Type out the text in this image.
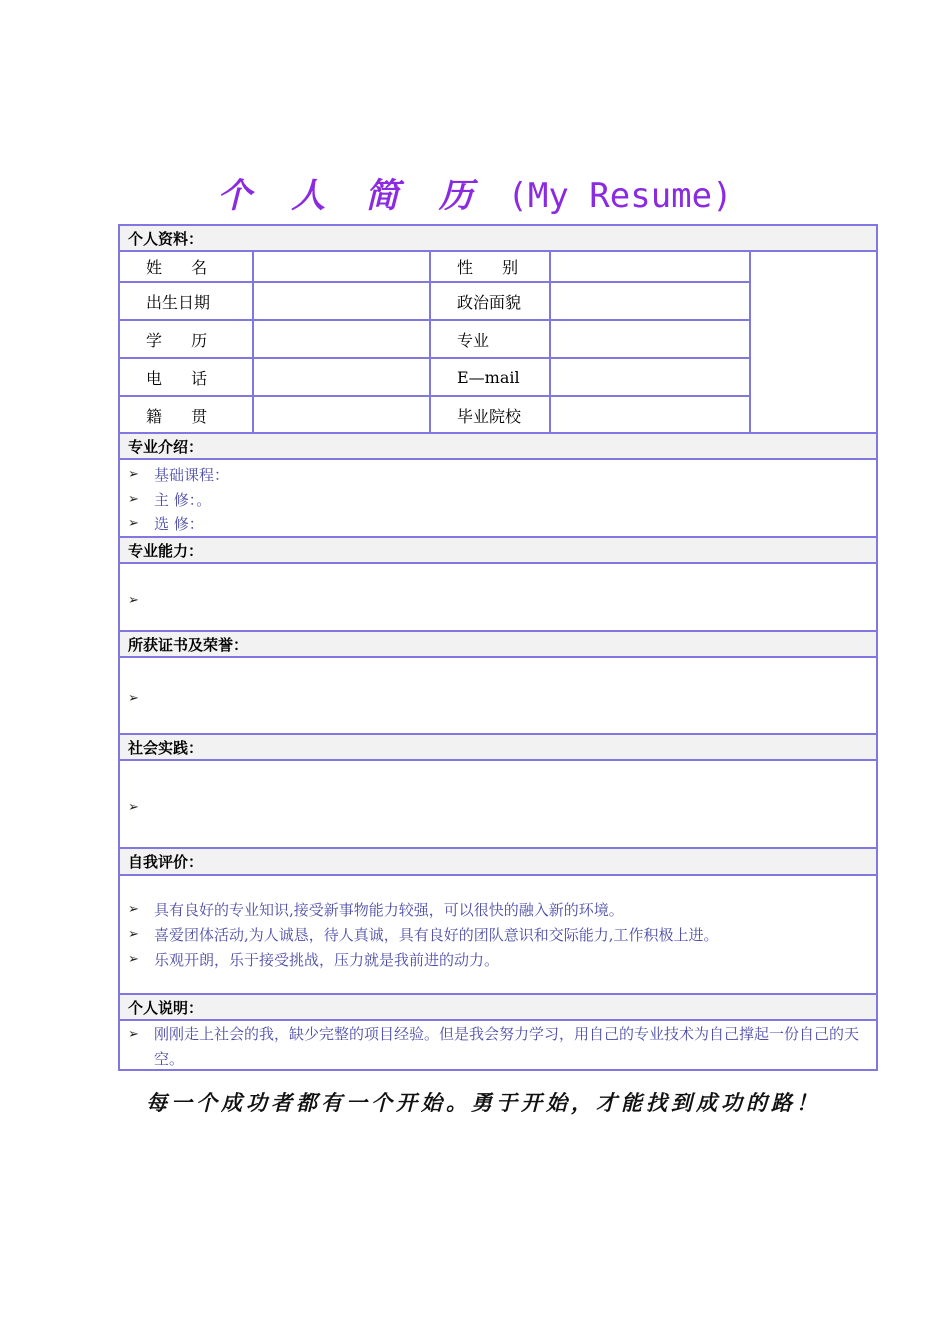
个 人 简 历 (My Resume)
个人资料：
姓 名	性 别
出生日期	政治面貌
学 历	专业
电 话	E—mail
籍 贯	毕业院校
专业介绍：
➢	基础课程：
➢	主 修：。
➢	选 修：
专业能力：
➢
所获证书及荣誉：
➢
社会实践：
➢
自我评价：
➢	具有良好的专业知识,接受新事物能力较强，可以很快的融入新的环境。
➢	喜爱团体活动,为人诚恳，待人真诚，具有良好的团队意识和交际能力,工作积极上进。
➢	乐观开朗，乐于接受挑战，压力就是我前进的动力。
个人说明：
➢	刚刚走上社会的我，缺少完整的项目经验。但是我会努力学习，用自己的专业技术为自己撑起一份自己的天空。
每一个成功者都有一个开始。勇于开始，才能找到成功的路！
